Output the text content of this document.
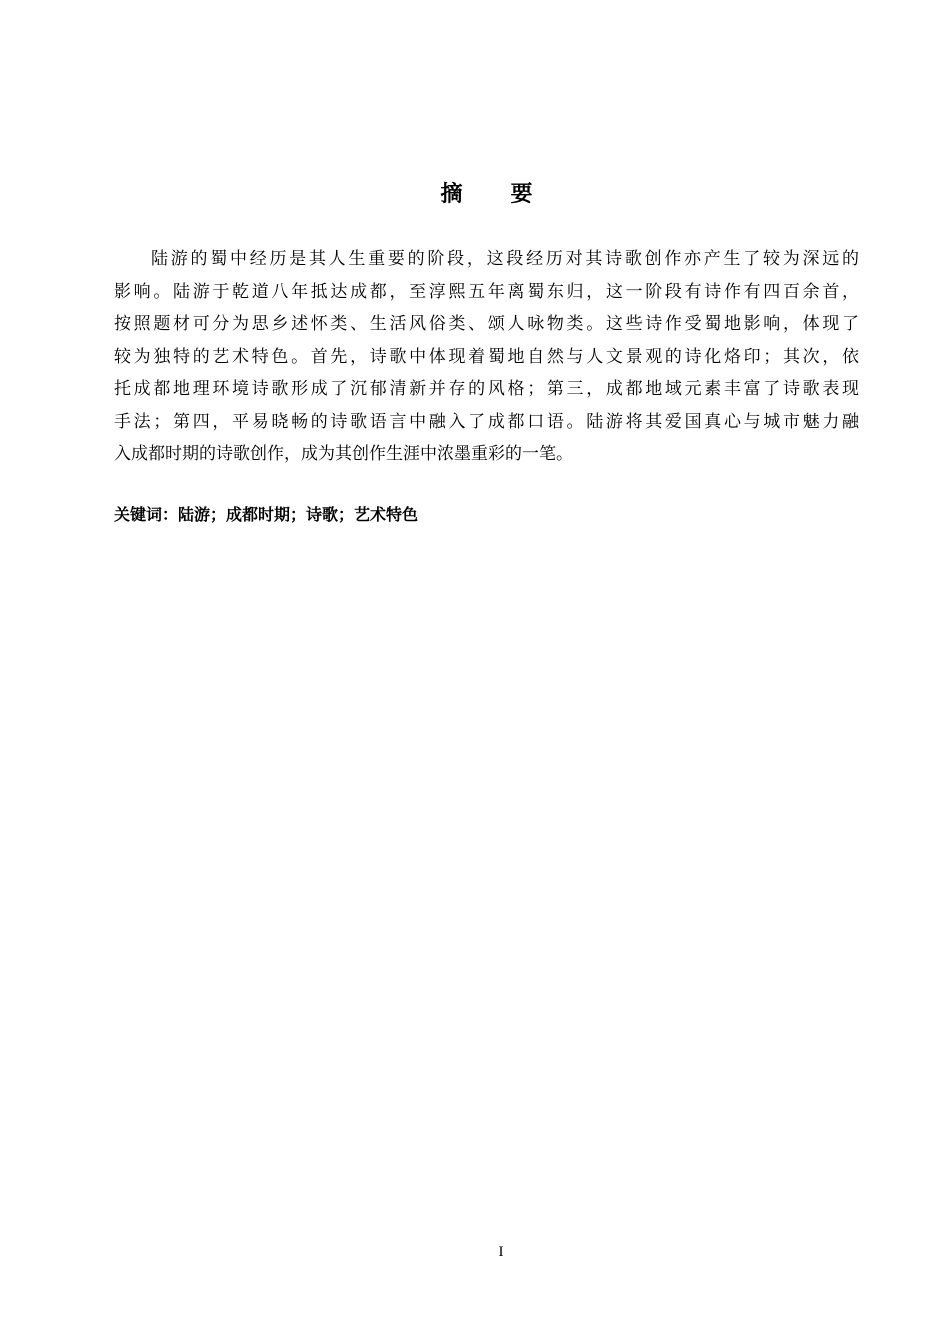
摘 要
陆游的蜀中经历是其人生重要的阶段，这段经历对其诗歌创作亦产生了较为深远的
影响。陆游于乾道八年抵达成都，至淳熙五年离蜀东归，这一阶段有诗作有四百余首，
按照题材可分为思乡述怀类、生活风俗类、颂人咏物类。这些诗作受蜀地影响，体现了
较为独特的艺术特色。首先，诗歌中体现着蜀地自然与人文景观的诗化烙印；其次，依
托成都地理环境诗歌形成了沉郁清新并存的风格；第三，成都地域元素丰富了诗歌表现
手法；第四，平易晓畅的诗歌语言中融入了成都口语。陆游将其爱国真心与城市魅力融
入成都时期的诗歌创作，成为其创作生涯中浓墨重彩的一笔。
关键词：陆游；成都时期；诗歌；艺术特色
I
